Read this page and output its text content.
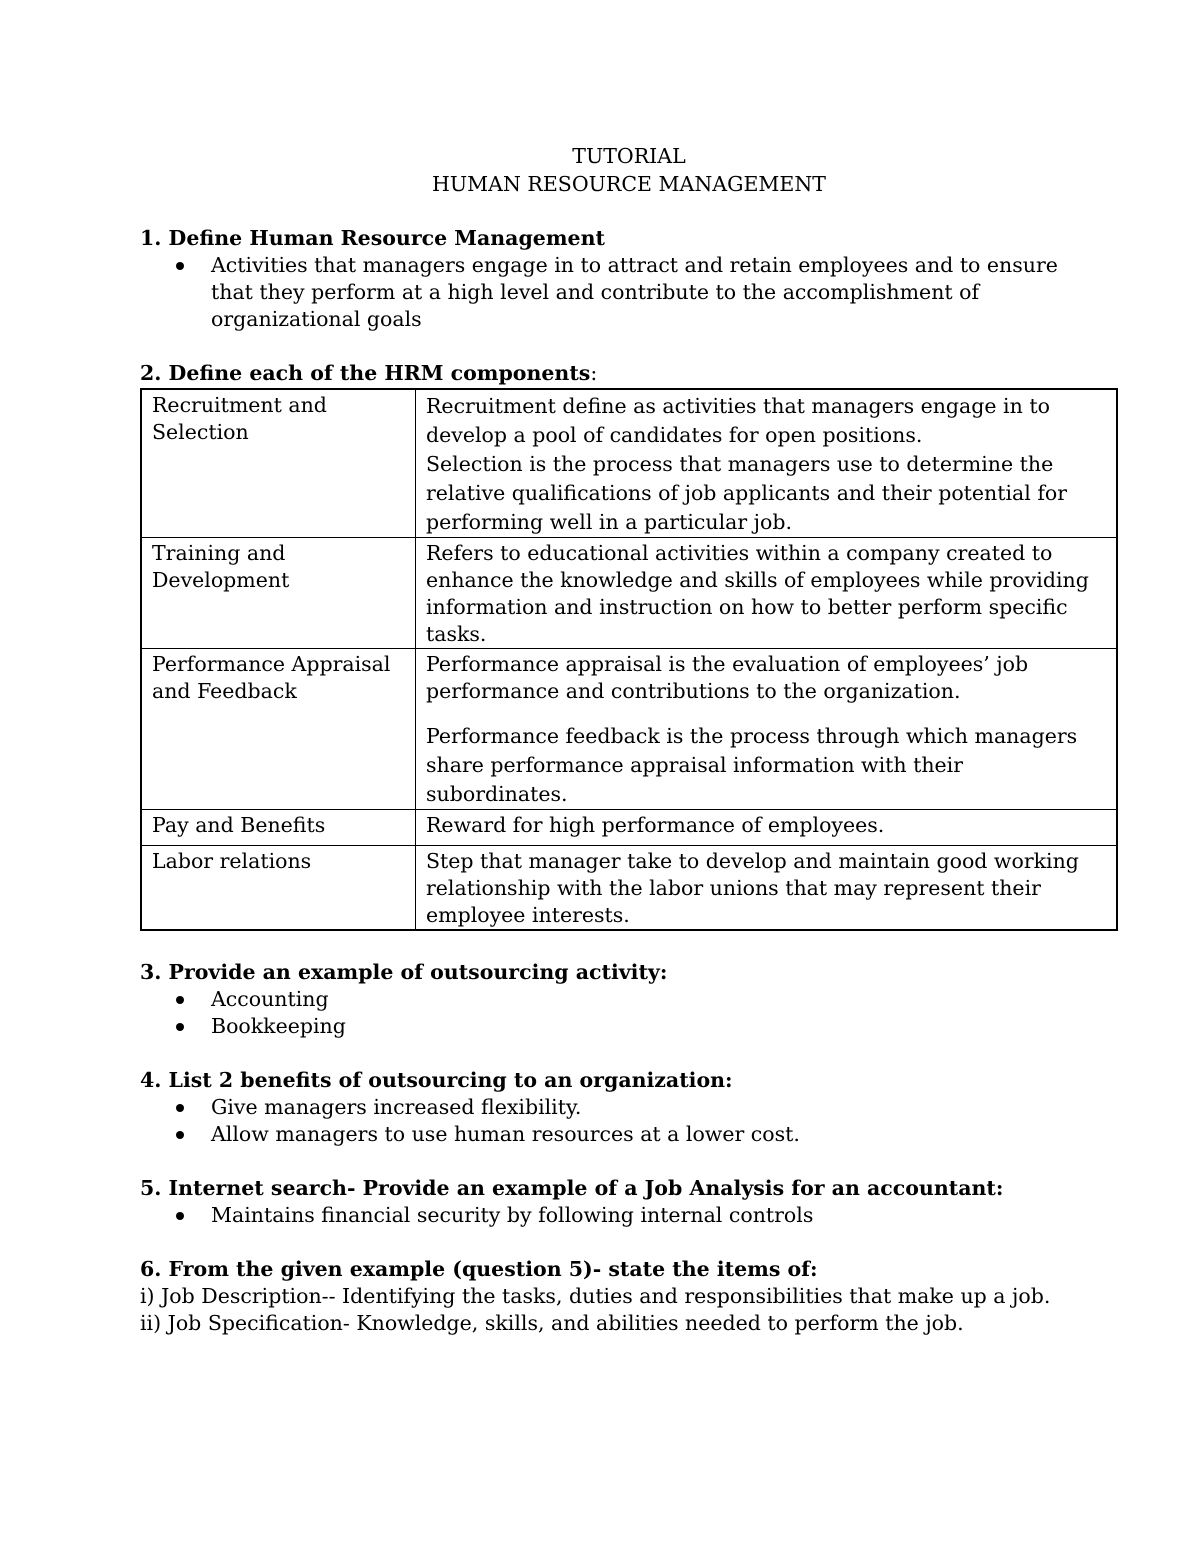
TUTORIAL

HUMAN RESOURCE MANAGEMENT

1. Define Human Resource Management

Activities that managers engage in to attract and retain employees and to ensure that they perform at a high level and contribute to the accomplishment of organizational goals

2. Define each of the HRM components:

Recruitment and Selection	Recruitment define as activities that managers engage in to develop a pool of candidates for open positions.
Selection is the process that managers use to determine the relative qualifications of job applicants and their potential for performing well in a particular job.

Training and Development	Refers to educational activities within a company created to enhance the knowledge and skills of employees while providing information and instruction on how to better perform specific tasks.
Performance Appraisal and Feedback	Performance appraisal is the evaluation of employees’ job performance and contributions to the organization.
Performance feedback is the process through which managers share performance appraisal information with their subordinates.

Pay and Benefits	Reward for high performance of employees.
Labor relations	Step that manager take to develop and maintain good working relationship with the labor unions that may represent their employee interests.

3. Provide an example of outsourcing activity:

Accounting
Bookkeeping

4. List 2 benefits of outsourcing to an organization:

Give managers increased flexibility.
Allow managers to use human resources at a lower cost.

5. Internet search- Provide an example of a Job Analysis for an accountant:

Maintains financial security by following internal controls

6. From the given example (question 5)- state the items of:

i) Job Description-- Identifying the tasks, duties and responsibilities that make up a job.

ii) Job Specification- Knowledge, skills, and abilities needed to perform the job.
